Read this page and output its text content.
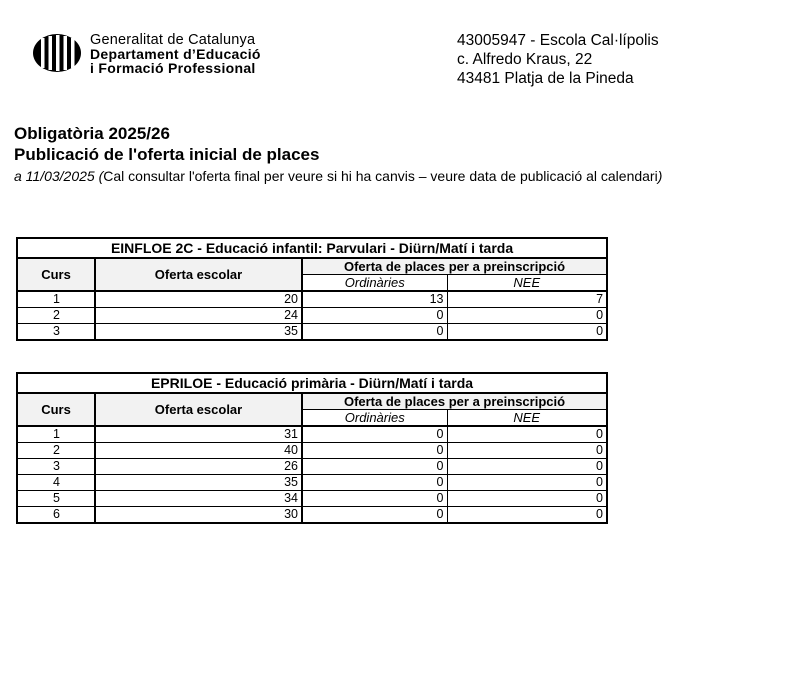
Generalitat de Catalunya
Departament d’Educació
i Formació Professional
43005947 - Escola Cal·lípolis
c. Alfredo Kraus, 22
43481 Platja de la Pineda
Obligatòria 2025/26
Publicació de l'oferta inicial de places
a 11/03/2025 (Cal consultar l'oferta final per veure si hi ha canvis – veure data de publicació al calendari)
EINFLOE 2C - Educació infantil: Parvulari - Diürn/Matí i tarda			
Curs	Oferta escolar	Oferta de places per a preinscripció	
		Ordinàries	NEE
1	20	13	7
2	24	0	0
3	35	0	0
EPRILOE - Educació primària - Diürn/Matí i tarda			
Curs	Oferta escolar	Oferta de places per a preinscripció	
		Ordinàries	NEE
1	31	0	0
2	40	0	0
3	26	0	0
4	35	0	0
5	34	0	0
6	30	0	0
